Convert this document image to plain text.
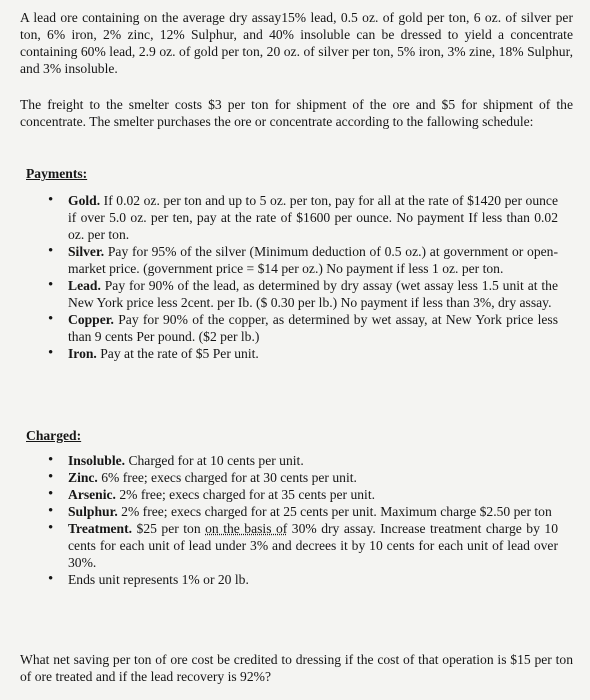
A lead ore containing on the average dry assay15% lead, 0.5 oz. of gold per ton, 6 oz. of silver per ton, 6% iron, 2% zinc, 12% Sulphur, and 40% insoluble can be dressed to yield a concentrate containing 60% lead, 2.9 oz. of gold per ton, 20 oz. of silver per ton, 5% iron, 3% zine, 18% Sulphur, and 3% insoluble.

The freight to the smelter costs $3 per ton for shipment of the ore and $5 for shipment of the concentrate. The smelter purchases the ore or concentrate according to the fallowing schedule:

Payments:

• Gold. If 0.02 oz. per ton and up to 5 oz. per ton, pay for all at the rate of $1420 per ounce if over 5.0 oz. per ten, pay at the rate of $1600 per ounce. No payment If less than 0.02 oz. per ton.
• Silver. Pay for 95% of the silver (Minimum deduction of 0.5 oz.) at government or open-market price. (government price = $14 per oz.) No payment if less 1 oz. per ton.
• Lead. Pay for 90% of the lead, as determined by dry assay (wet assay less 1.5 unit at the New York price less 2cent. per Ib. ($ 0.30 per lb.) No payment if less than 3%, dry assay.
• Copper. Pay for 90% of the copper, as determined by wet assay, at New York price less than 9 cents Per pound. ($2 per lb.)
• Iron. Pay at the rate of $5 Per unit.

Charged:

• Insoluble. Charged for at 10 cents per unit.
• Zinc. 6% free; execs charged for at 30 cents per unit.
• Arsenic. 2% free; execs charged for at 35 cents per unit.
• Sulphur. 2% free; execs charged for at 25 cents per unit. Maximum charge $2.50 per ton
• Treatment. $25 per ton on the basis of 30% dry assay. Increase treatment charge by 10 cents for each unit of lead under 3% and decrees it by 10 cents for each unit of lead over 30%.
• Ends unit represents 1% or 20 lb.

What net saving per ton of ore cost be credited to dressing if the cost of that operation is $15 per ton of ore treated and if the lead recovery is 92%?
